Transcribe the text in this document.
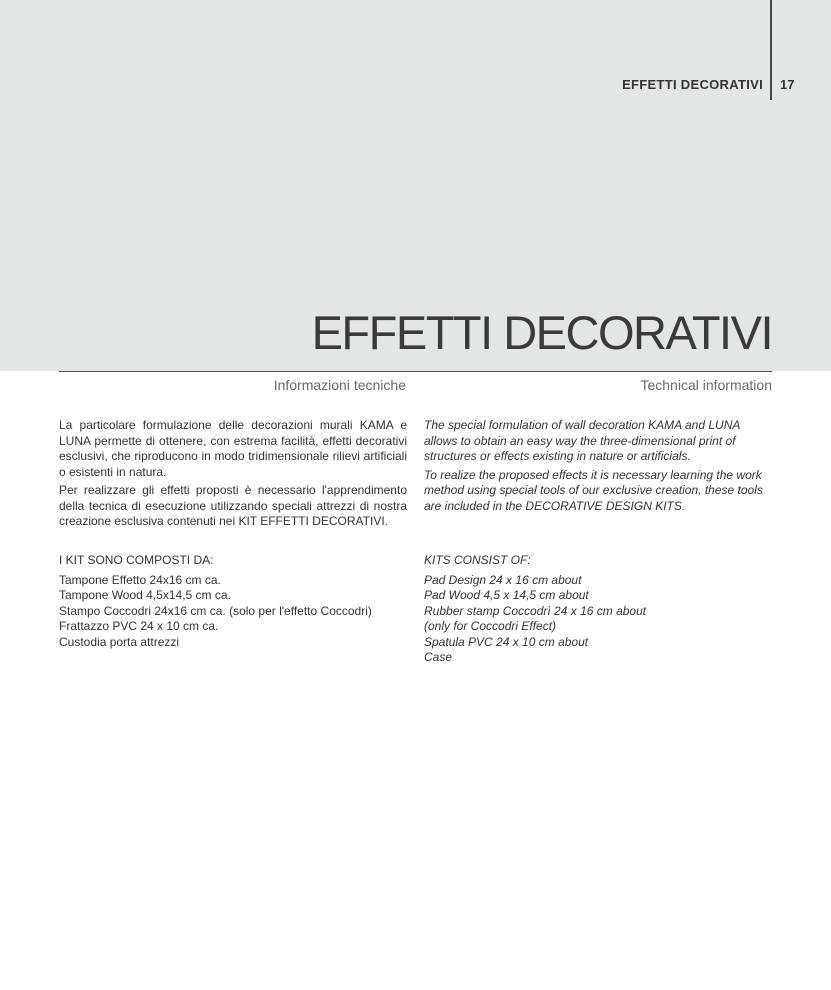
EFFETTI DECORATIVI 17
EFFETTI DECORATIVI
Informazioni tecniche	Technical information

La particolare formulazione delle decorazioni murali KAMA e LUNA permette di ottenere, con estrema facilità, effetti decorativi esclusivi, che riproducono in modo tridimensionale rilievi artificiali o esistenti in natura.

Per realizzare gli effetti proposti è necessario l'apprendimento della tecnica di esecuzione utilizzando speciali attrezzi di nostra creazione esclusiva contenuti nei KIT EFFETTI DECORATIVI.

The special formulation of wall decoration KAMA and LUNA allows to obtain an easy way the three-dimensional print of structures or effects existing in nature or artificials.

To realize the proposed effects it is necessary learning the work method using special tools of our exclusive creation, these tools are included in the DECORATIVE DESIGN KITS.

I KIT SONO COMPOSTI DA:
Tampone Effetto 24x16 cm ca.
Tampone Wood 4,5x14,5 cm ca.
Stampo Coccodri 24x16 cm ca. (solo per l'effetto Coccodri)
Frattazzo PVC 24 x 10 cm ca.
Custodia porta attrezzi
KITS CONSIST OF:
Pad Design 24 x 16 cm about
Pad Wood 4,5 x 14,5 cm about
Rubber stamp Coccodrì 24 x 16 cm about
(only for Coccodri Effect)
Spatula PVC 24 x 10 cm about
Case
